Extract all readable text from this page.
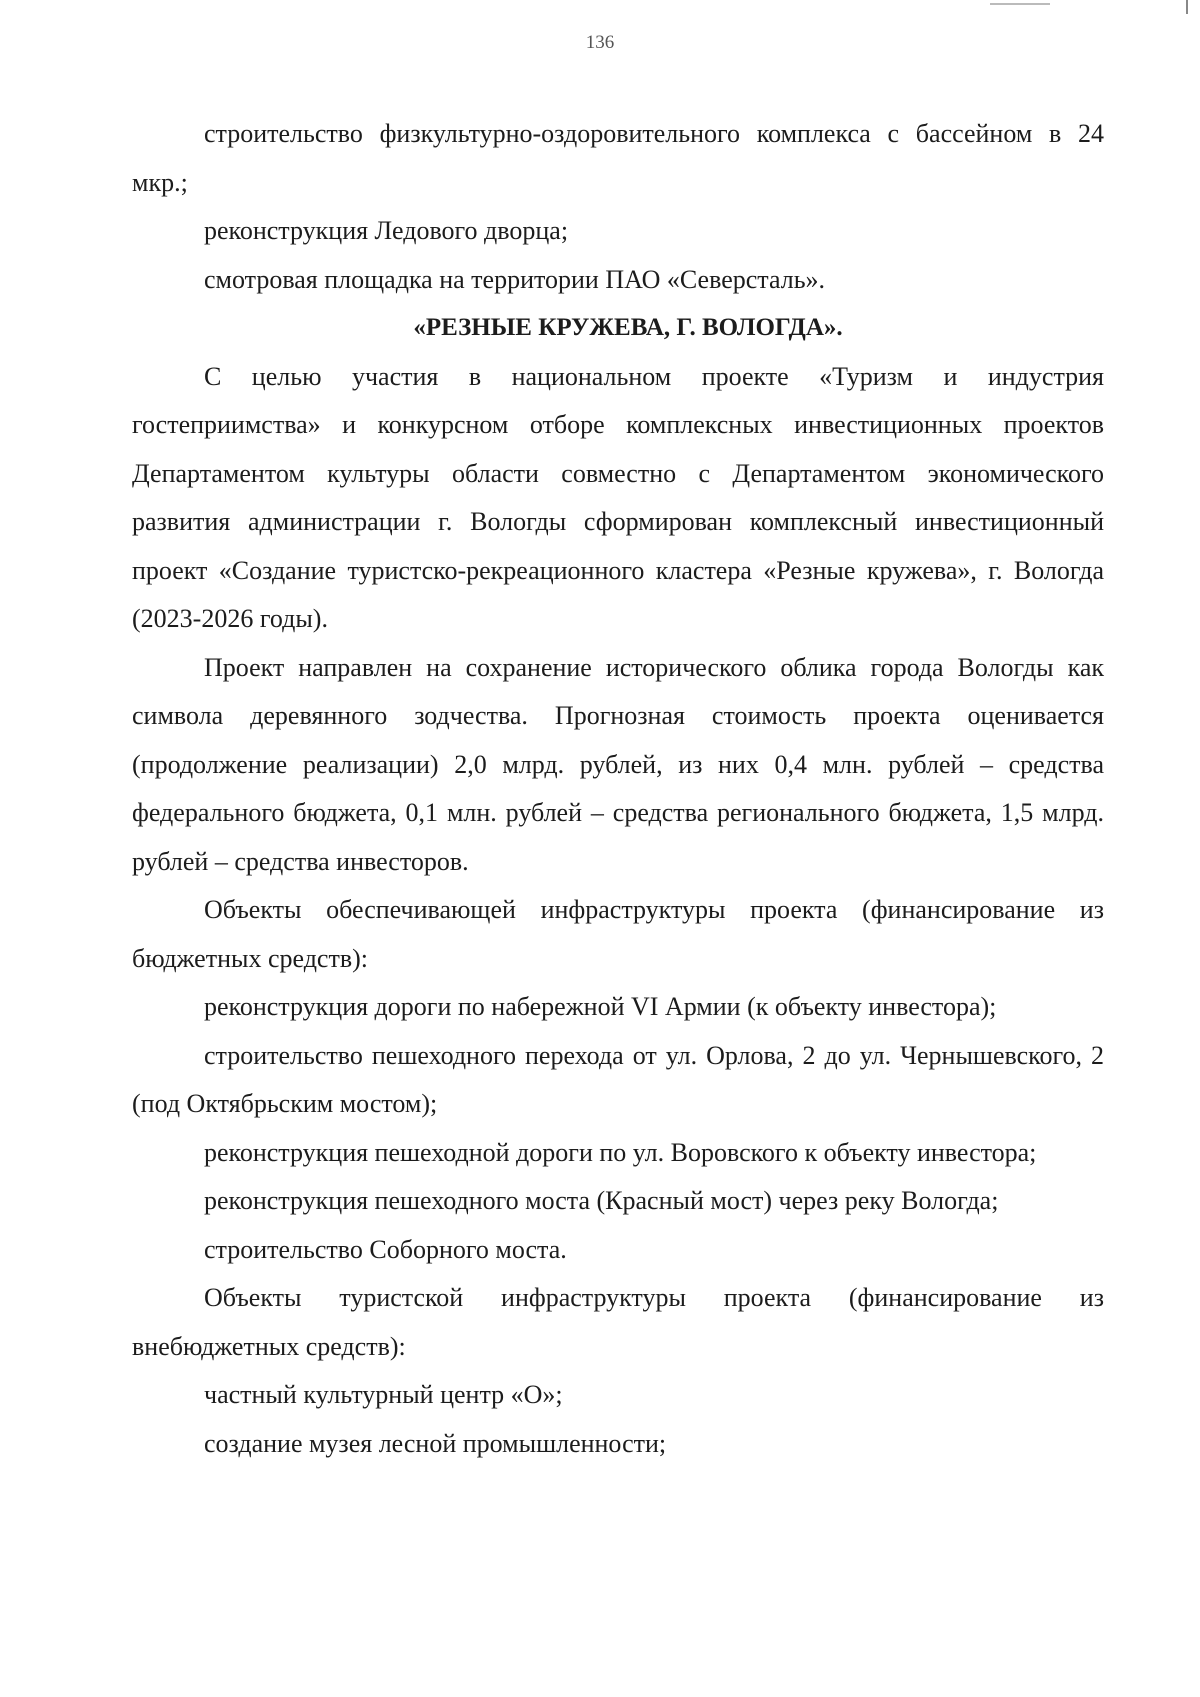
136

строительство физкультурно-оздоровительного комплекса с бассейном в 24 мкр.;

реконструкция Ледового дворца;

смотровая площадка на территории ПАО «Северсталь».

«РЕЗНЫЕ КРУЖЕВА, Г. ВОЛОГДА».

С целью участия в национальном проекте «Туризм и индустрия гостеприимства» и конкурсном отборе комплексных инвестиционных проектов Департаментом культуры области совместно с Департаментом экономического развития администрации г. Вологды сформирован комплексный инвестиционный проект «Создание туристско-рекреационного кластера «Резные кружева», г. Вологда (2023-2026 годы).

Проект направлен на сохранение исторического облика города Вологды как символа деревянного зодчества. Прогнозная стоимость проекта оценивается (продолжение реализации) 2,0 млрд. рублей, из них 0,4 млн. рублей – средства федерального бюджета, 0,1 млн. рублей – средства регионального бюджета, 1,5 млрд. рублей – средства инвесторов.

Объекты обеспечивающей инфраструктуры проекта (финансирование из бюджетных средств):

реконструкция дороги по набережной VI Армии (к объекту инвестора);

строительство пешеходного перехода от ул. Орлова, 2 до ул. Чернышевского, 2 (под Октябрьским мостом);

реконструкция пешеходной дороги по ул. Воровского к объекту инвестора;

реконструкция пешеходного моста (Красный мост) через реку Вологда;

строительство Соборного моста.

Объекты туристской инфраструктуры проекта (финансирование из внебюджетных средств):

частный культурный центр «О»;

создание музея лесной промышленности;
